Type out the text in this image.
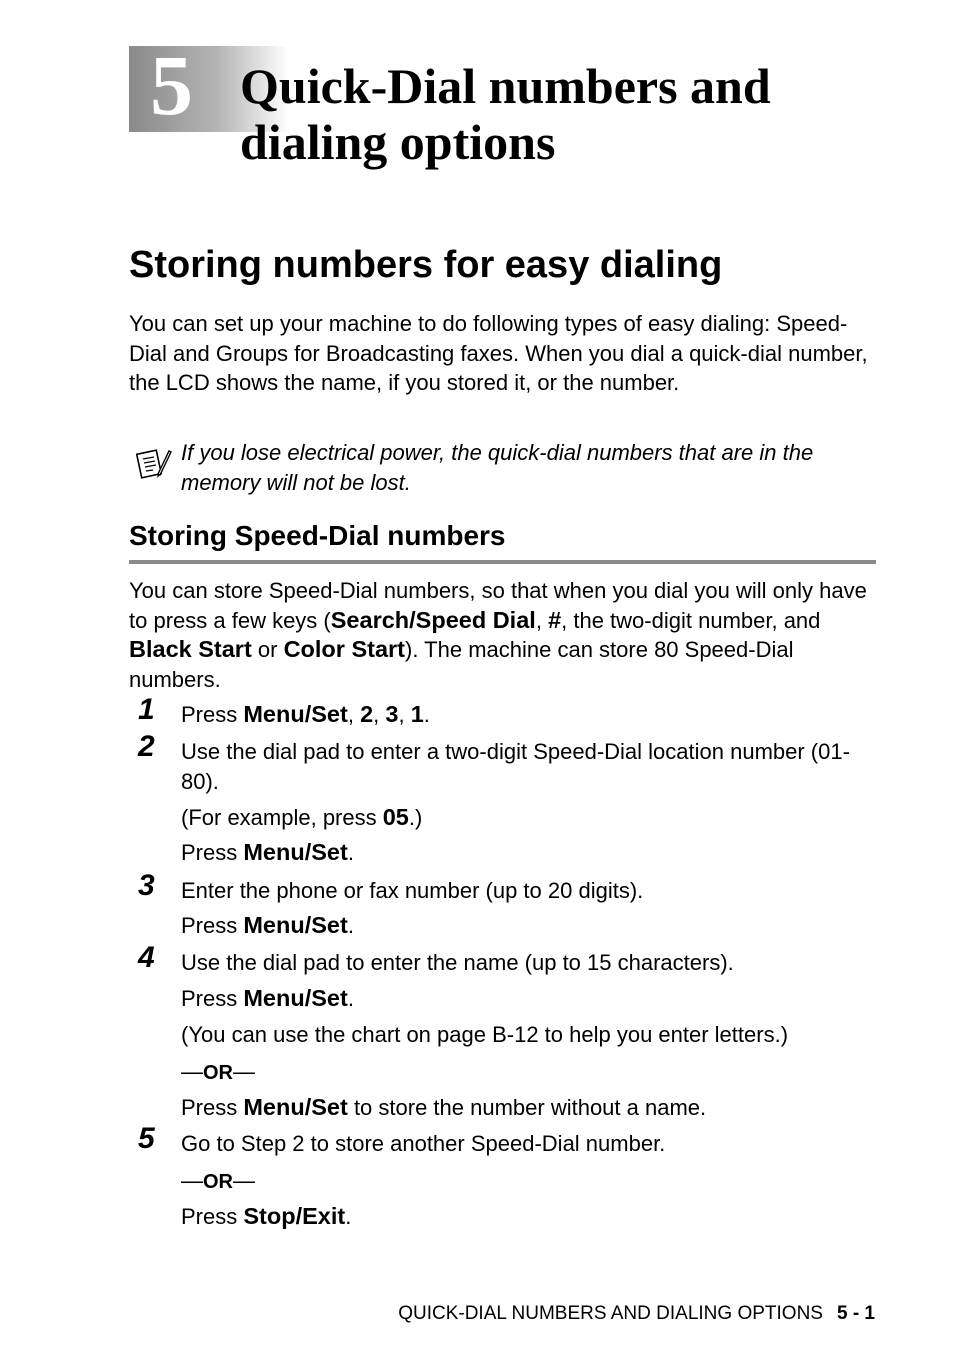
5 Quick-Dial numbers and dialing options
Storing numbers for easy dialing

You can set up your machine to do following types of easy dialing: Speed-Dial and Groups for Broadcasting faxes. When you dial a quick-dial number, the LCD shows the name, if you stored it, or the number.

If you lose electrical power, the quick-dial numbers that are in the memory will not be lost.

Storing Speed-Dial numbers

You can store Speed-Dial numbers, so that when you dial you will only have to press a few keys (Search/Speed Dial, #, the two-digit number, and Black Start or Color Start). The machine can store 80 Speed-Dial numbers.

1 Press Menu/Set, 2, 3, 1.

2 Use the dial pad to enter a two-digit Speed-Dial location number (01-80).

(For example, press 05.)

Press Menu/Set.

3 Enter the phone or fax number (up to 20 digits).

Press Menu/Set.

4 Use the dial pad to enter the name (up to 15 characters).

Press Menu/Set.

(You can use the chart on page B-12 to help you enter letters.)

—OR—

Press Menu/Set to store the number without a name.

5 Go to Step 2 to store another Speed-Dial number.

—OR—

Press Stop/Exit.

QUICK-DIAL NUMBERS AND DIALING OPTIONS 5 - 1
